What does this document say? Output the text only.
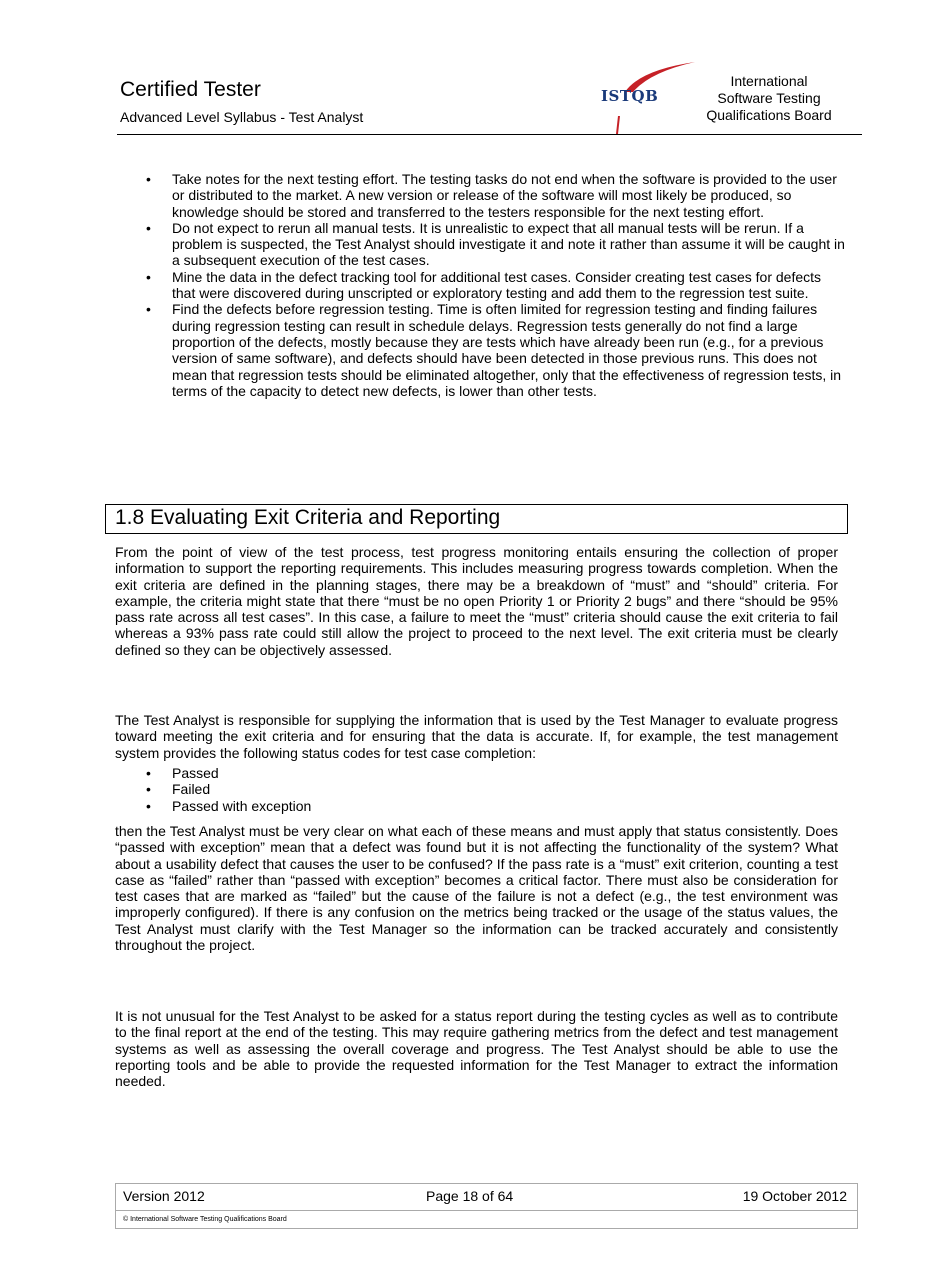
Certified Tester
Advanced Level Syllabus - Test Analyst
ISTQB
International
Software Testing
Qualifications Board
• Take notes for the next testing effort. The testing tasks do not end when the software is provided to the user or distributed to the market. A new version or release of the software will most likely be produced, so knowledge should be stored and transferred to the testers responsible for the next testing effort.
• Do not expect to rerun all manual tests. It is unrealistic to expect that all manual tests will be rerun. If a problem is suspected, the Test Analyst should investigate it and note it rather than assume it will be caught in a subsequent execution of the test cases.
• Mine the data in the defect tracking tool for additional test cases. Consider creating test cases for defects that were discovered during unscripted or exploratory testing and add them to the regression test suite.
• Find the defects before regression testing. Time is often limited for regression testing and finding failures during regression testing can result in schedule delays. Regression tests generally do not find a large proportion of the defects, mostly because they are tests which have already been run (e.g., for a previous version of same software), and defects should have been detected in those previous runs. This does not mean that regression tests should be eliminated altogether, only that the effectiveness of regression tests, in terms of the capacity to detect new defects, is lower than other tests.
1.8 Evaluating Exit Criteria and Reporting

From the point of view of the test process, test progress monitoring entails ensuring the collection of proper information to support the reporting requirements. This includes measuring progress towards completion. When the exit criteria are defined in the planning stages, there may be a breakdown of “must” and “should” criteria. For example, the criteria might state that there “must be no open Priority 1 or Priority 2 bugs” and there “should be 95% pass rate across all test cases”. In this case, a failure to meet the “must” criteria should cause the exit criteria to fail whereas a 93% pass rate could still allow the project to proceed to the next level. The exit criteria must be clearly defined so they can be objectively assessed.

The Test Analyst is responsible for supplying the information that is used by the Test Manager to evaluate progress toward meeting the exit criteria and for ensuring that the data is accurate. If, for example, the test management system provides the following status codes for test case completion:

• Passed
• Failed
• Passed with exception

then the Test Analyst must be very clear on what each of these means and must apply that status consistently. Does “passed with exception” mean that a defect was found but it is not affecting the functionality of the system? What about a usability defect that causes the user to be confused? If the pass rate is a “must” exit criterion, counting a test case as “failed” rather than “passed with exception” becomes a critical factor. There must also be consideration for test cases that are marked as “failed” but the cause of the failure is not a defect (e.g., the test environment was improperly configured). If there is any confusion on the metrics being tracked or the usage of the status values, the Test Analyst must clarify with the Test Manager so the information can be tracked accurately and consistently throughout the project.

It is not unusual for the Test Analyst to be asked for a status report during the testing cycles as well as to contribute to the final report at the end of the testing. This may require gathering metrics from the defect and test management systems as well as assessing the overall coverage and progress. The Test Analyst should be able to use the reporting tools and be able to provide the requested information for the Test Manager to extract the information needed.

Version 2012	Page 18 of 64	19 October 2012
© International Software Testing Qualifications Board
